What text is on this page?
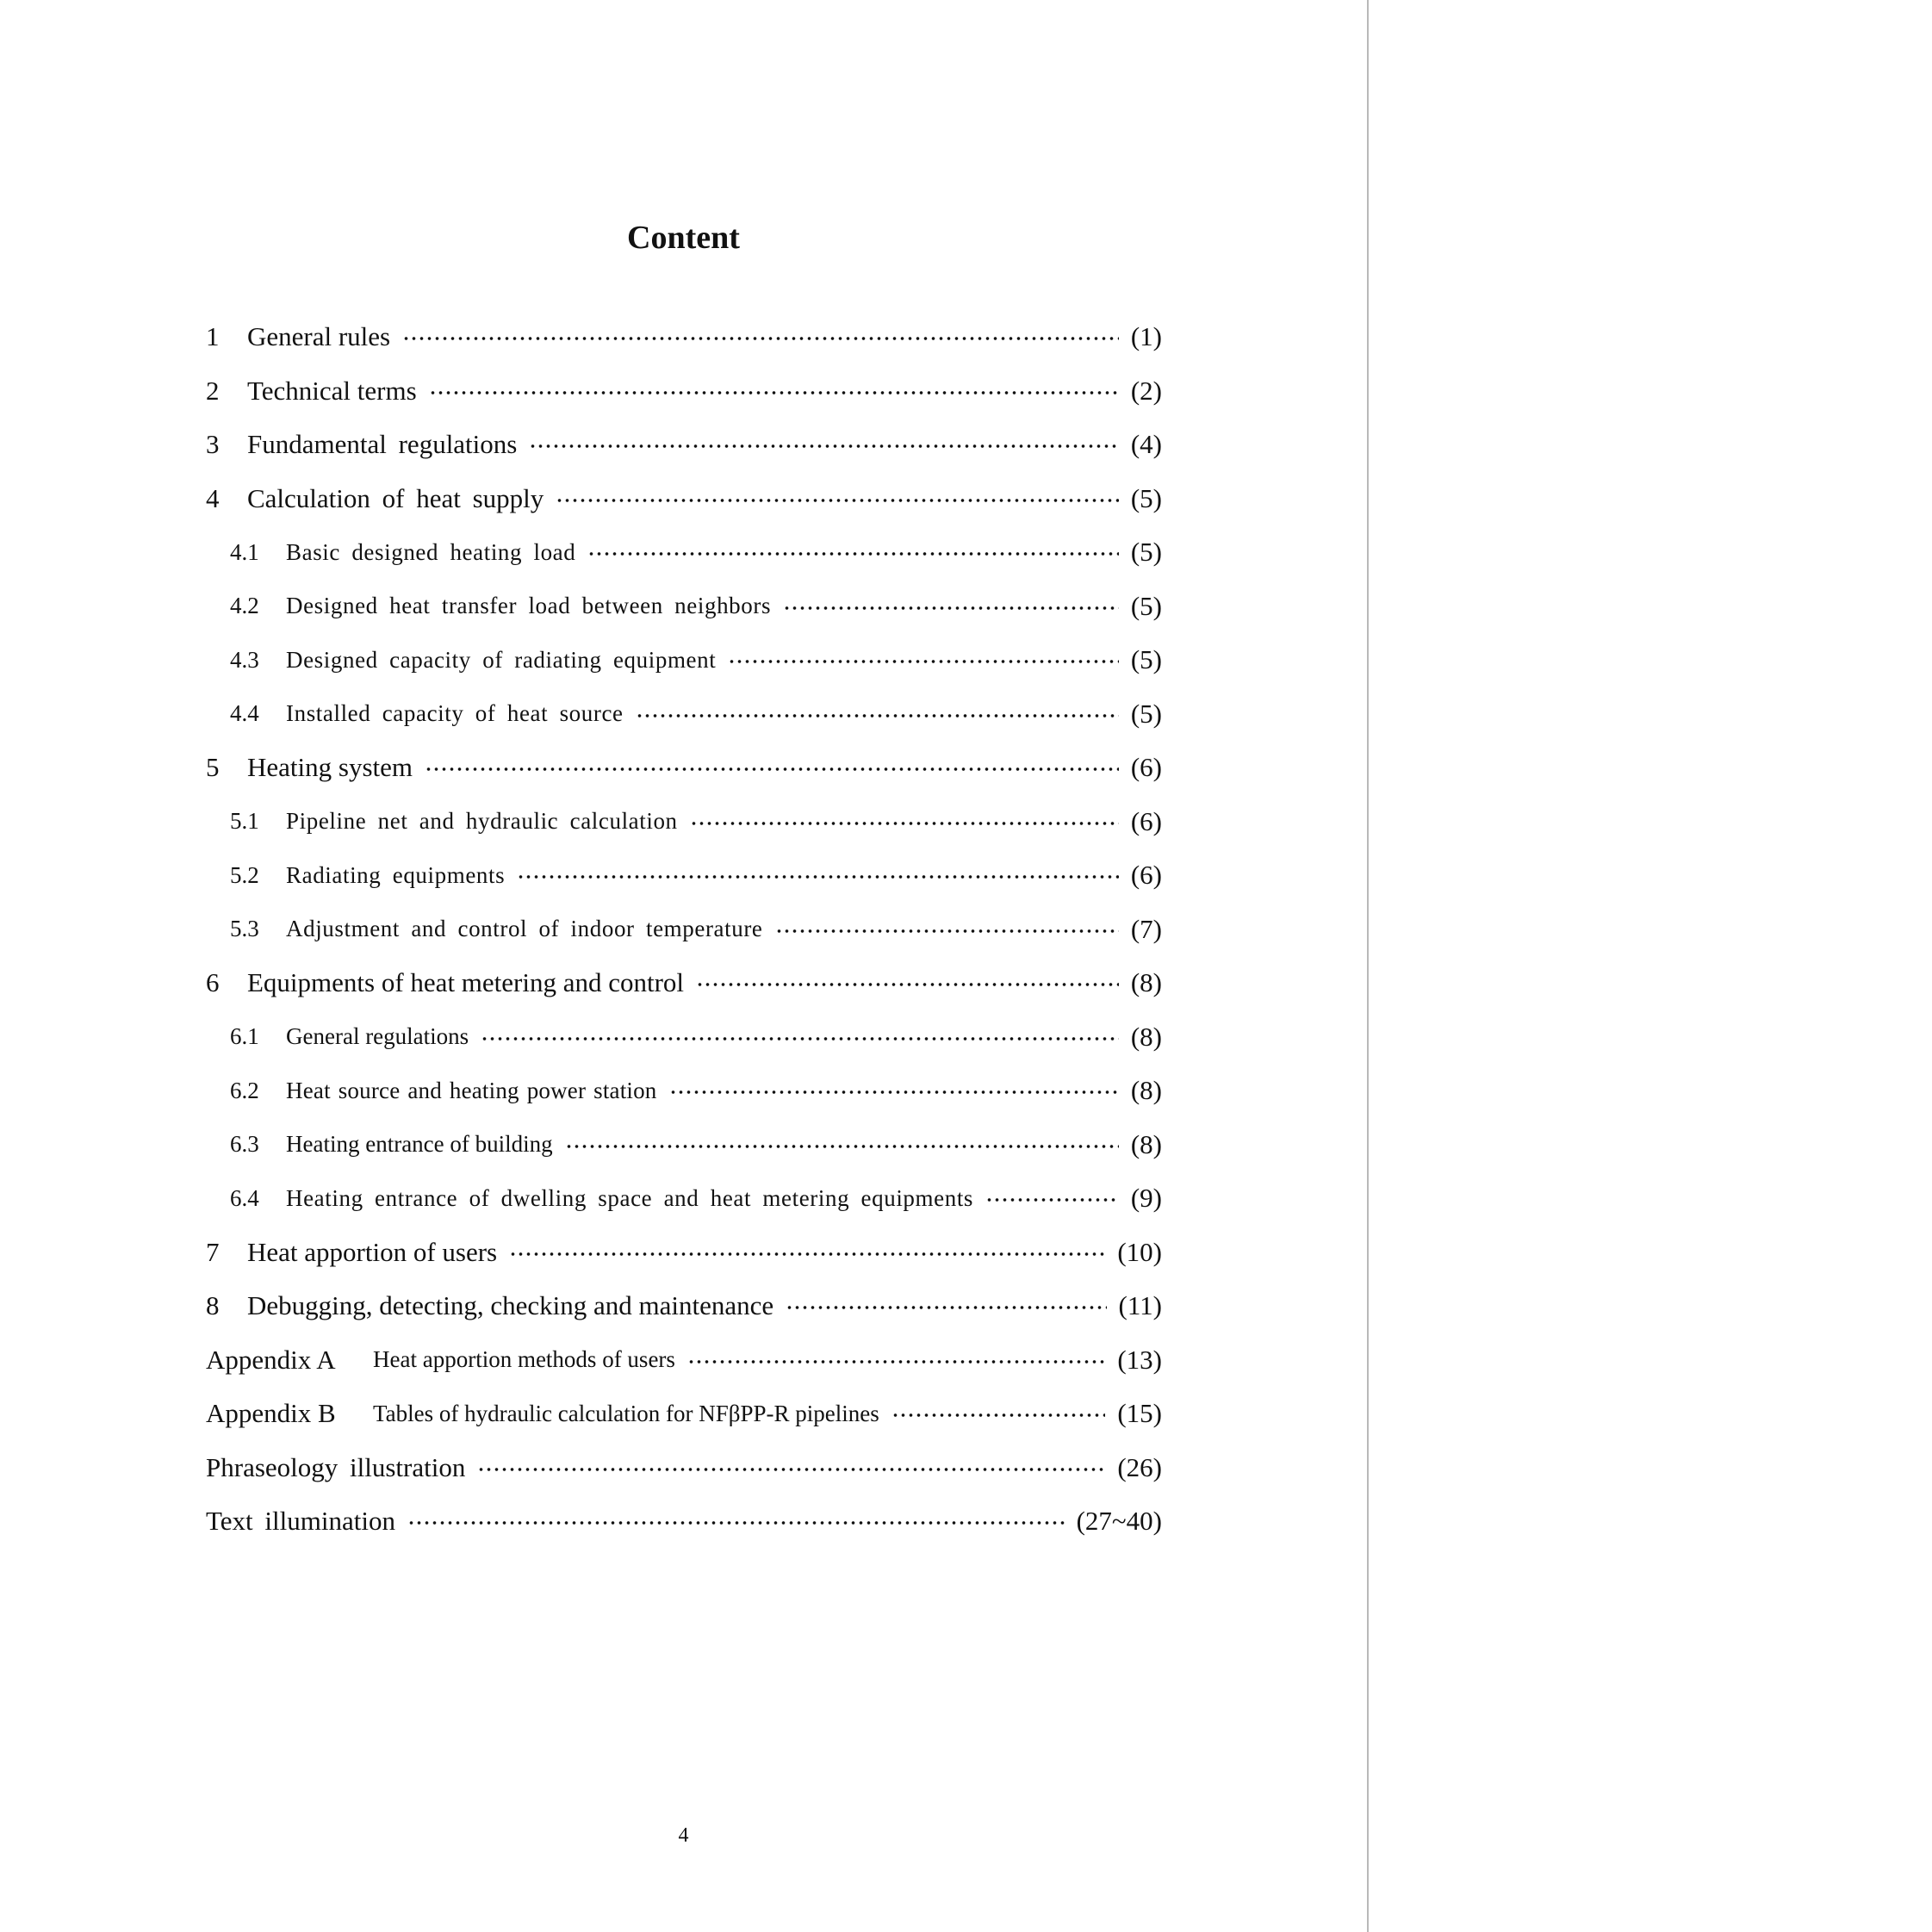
Content
1	General rules	(1)
2	Technical terms	(2)
3	Fundamental regulations	(4)
4	Calculation of heat supply	(5)
4.1	Basic designed heating load	(5)
4.2	Designed heat transfer load between neighbors	(5)
4.3	Designed capacity of radiating equipment	(5)
4.4	Installed capacity of heat source	(5)
5	Heating system	(6)
5.1	Pipeline net and hydraulic calculation	(6)
5.2	Radiating equipments	(6)
5.3	Adjustment and control of indoor temperature	(7)
6	Equipments of heat metering and control	(8)
6.1	General regulations	(8)
6.2	Heat source and heating power station	(8)
6.3	Heating entrance of building	(8)
6.4	Heating entrance of dwelling space and heat metering equipments	(9)
7	Heat apportion of users	(10)
8	Debugging, detecting, checking and maintenance	(11)
Appendix A	Heat apportion methods of users	(13)
Appendix B	Tables of hydraulic calculation for NFβPP-R pipelines	(15)
Phraseology illustration	(26)
Text illumination	(27~40)
4
